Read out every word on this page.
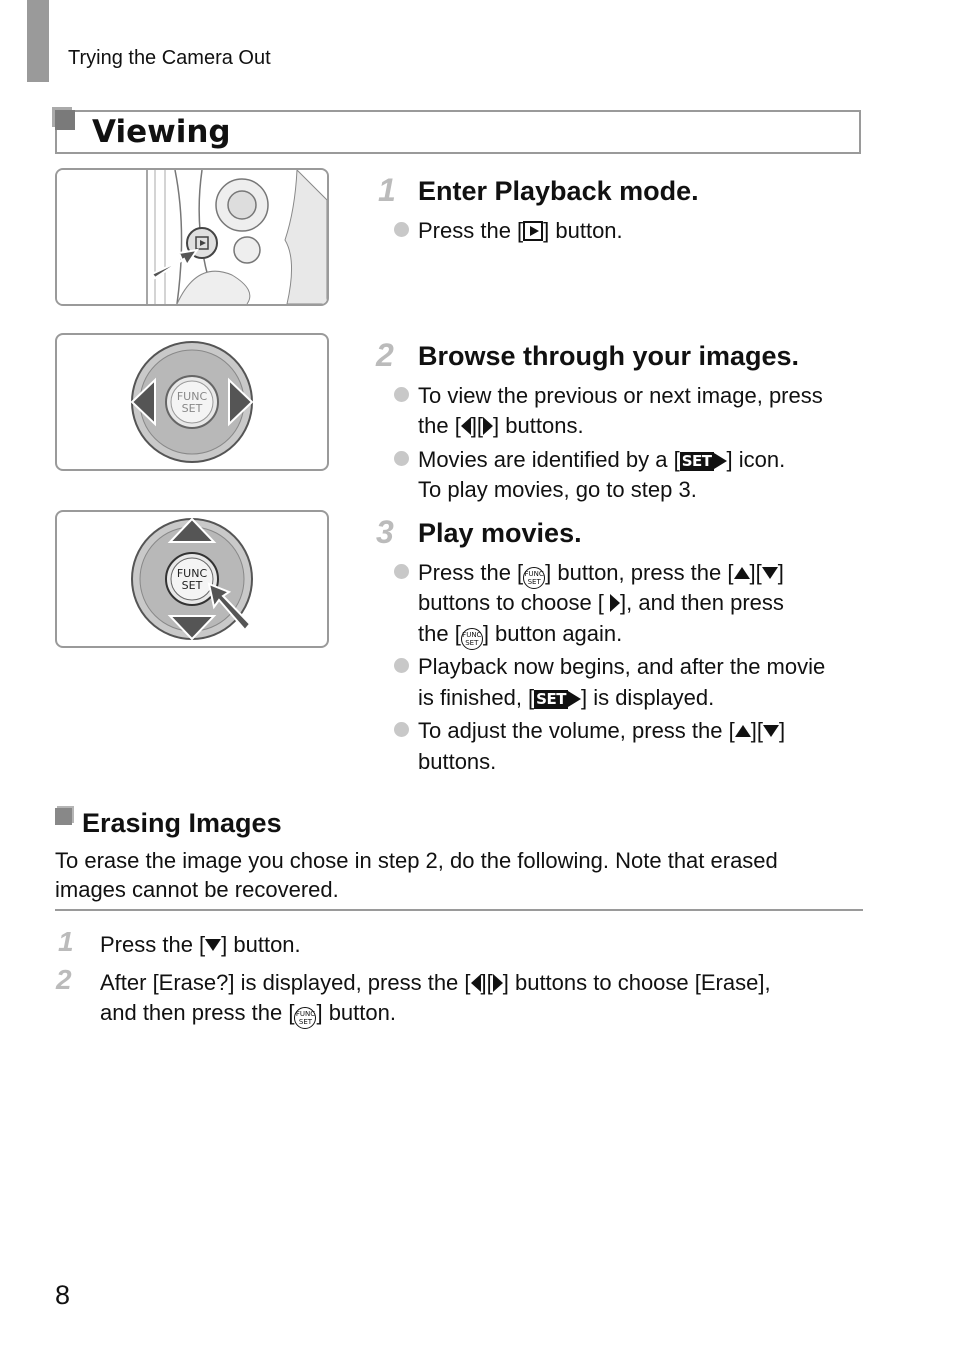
Trying the Camera Out
Viewing
FUNC
SET
FUNC
SET
1 Enter Playback mode.
Press the [ ] button.
2 Browse through your images.
To view the previous or next image, press
the [ ][ ] buttons.
Movies are identified by a [ SET ] icon.
To play movies, go to step 3.
3 Play movies.
Press the [FUNC
SET ] button, press the [ ][ ]
buttons to choose [ ], and then press
the [FUNC
SET ] button again.
Playback now begins, and after the movie
is finished, [ SET ] is displayed.
To adjust the volume, press the [ ][ ]
buttons.
Erasing Images
To erase the image you chose in step 2, do the following. Note that erased
images cannot be recovered.
1 Press the [ ] button.
2 After [Erase?] is displayed, press the [ ][ ] buttons to choose [Erase],
and then press the [FUNC
SET ] button.
8
